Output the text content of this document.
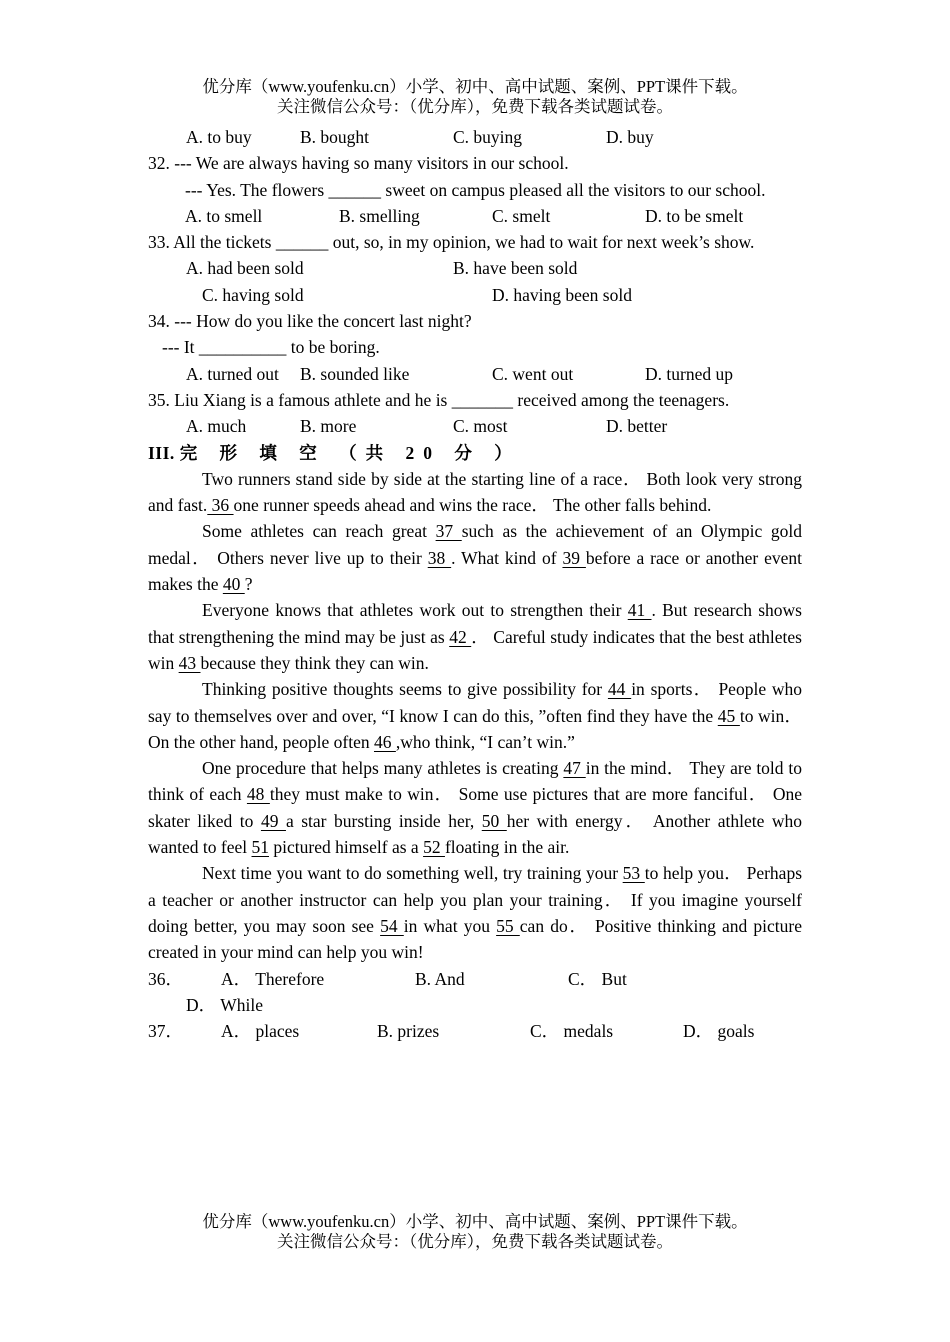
优分库（www.youfenku.cn）小学、初中、高中试题、案例、PPT课件下载。
关注微信公众号：（优分库），免费下载各类试题试卷。
A. to buy	B. bought	C. buying	D. buy
32. --- We are always having so many visitors in our school.
--- Yes. The flowers ______ sweet on campus pleased all the visitors to our school.
A. to smell	B. smelling	C. smelt	D. to be smelt
33. All the tickets ______ out, so, in my opinion, we had to wait for next week’s show.
A. had been sold	B. have been sold
C. having sold	D. having been sold
34. --- How do you like the concert last night?
--- It __________ to be boring.
A. turned out B. sounded like	C. went out	D. turned up
35. Liu Xiang is a famous athlete and he is _______ received among the teenagers.
A. much	B. more	C. most	D. better
III. 完 形 填 空 （共 20 分 ）
Two runners stand side by side at the starting line of a race． Both look very strong and fast. 36 one runner speeds ahead and wins the race． The other falls behind.
Some athletes can reach great 37 such as the achievement of an Olympic gold medal． Others never live up to their 38 . What kind of 39 before a race or another event makes the 40 ?
Everyone knows that athletes work out to strengthen their 41 . But research shows that strengthening the mind may be just as 42 ． Careful study indicates that the best athletes win 43 because they think they can win.
Thinking positive thoughts seems to give possibility for 44 in sports． People who say to themselves over and over, “I know I can do this, ”often find they have the 45 to win． On the other hand, people often 46 ,who think, “I can’t win.”
One procedure that helps many athletes is creating 47 in the mind． They are told to think of each 48 they must make to win． Some use pictures that are more fanciful． One skater liked to 49 a star bursting inside her, 50 her with energy． Another athlete who wanted to feel 51 pictured himself as a 52 floating in the air.
Next time you want to do something well, try training your 53 to help you． Perhaps a teacher or another instructor can help you plan your training． If you imagine yourself doing better, you may soon see 54 in what you 55 can do． Positive thinking and picture created in your mind can help you win!
36． A． Therefore	B. And	C． But
D． While
37． A． places	B. prizes	C． medals	D． goals
优分库（www.youfenku.cn）小学、初中、高中试题、案例、PPT课件下载。
关注微信公众号：（优分库），免费下载各类试题试卷。
